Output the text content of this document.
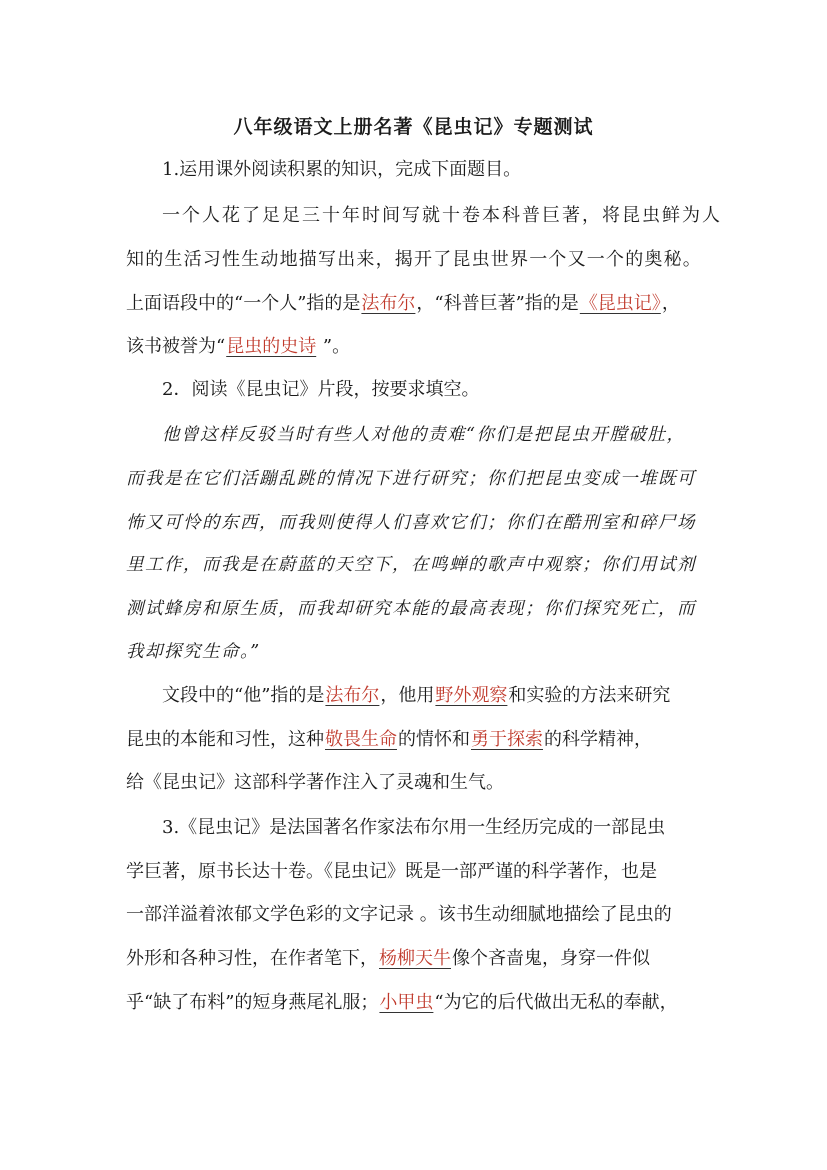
八年级语文上册名著《昆虫记》专题测试
1.运用课外阅读积累的知识，完成下面题目。
一个人花了足足三十年时间写就十卷本科普巨著，将昆虫鲜为人
知的生活习性生动地描写出来，揭开了昆虫世界一个又一个的奥秘。
上面语段中的“一个人”指的是法布尔，“科普巨著”指的是《昆虫记》，
该书被誉为“昆虫的史诗 ”。
2．阅读《昆虫记》片段，按要求填空。
他曾这样反驳当时有些人对他的责难“你们是把昆虫开膛破肚，
而我是在它们活蹦乱跳的情况下进行研究；你们把昆虫变成一堆既可
怖又可怜的东西，而我则使得人们喜欢它们；你们在酷刑室和碎尸场
里工作，而我是在蔚蓝的天空下，在鸣蝉的歌声中观察；你们用试剂
测试蜂房和原生质，而我却研究本能的最高表现；你们探究死亡，而
我却探究生命。”
文段中的“他”指的是法布尔，他用野外观察和实验的方法来研究
昆虫的本能和习性，这种敬畏生命的情怀和勇于探索的科学精神，
给《昆虫记》这部科学著作注入了灵魂和生气。
3.《昆虫记》是法国著名作家法布尔用一生经历完成的一部昆虫
学巨著，原书长达十卷。《昆虫记》既是一部严谨的科学著作，也是
一部洋溢着浓郁文学色彩的文字记录 。该书生动细腻地描绘了昆虫的
外形和各种习性，在作者笔下，杨柳天牛像个吝啬鬼，身穿一件似
乎“缺了布料”的短身燕尾礼服；小甲虫“为它的后代做出无私的奉献，
